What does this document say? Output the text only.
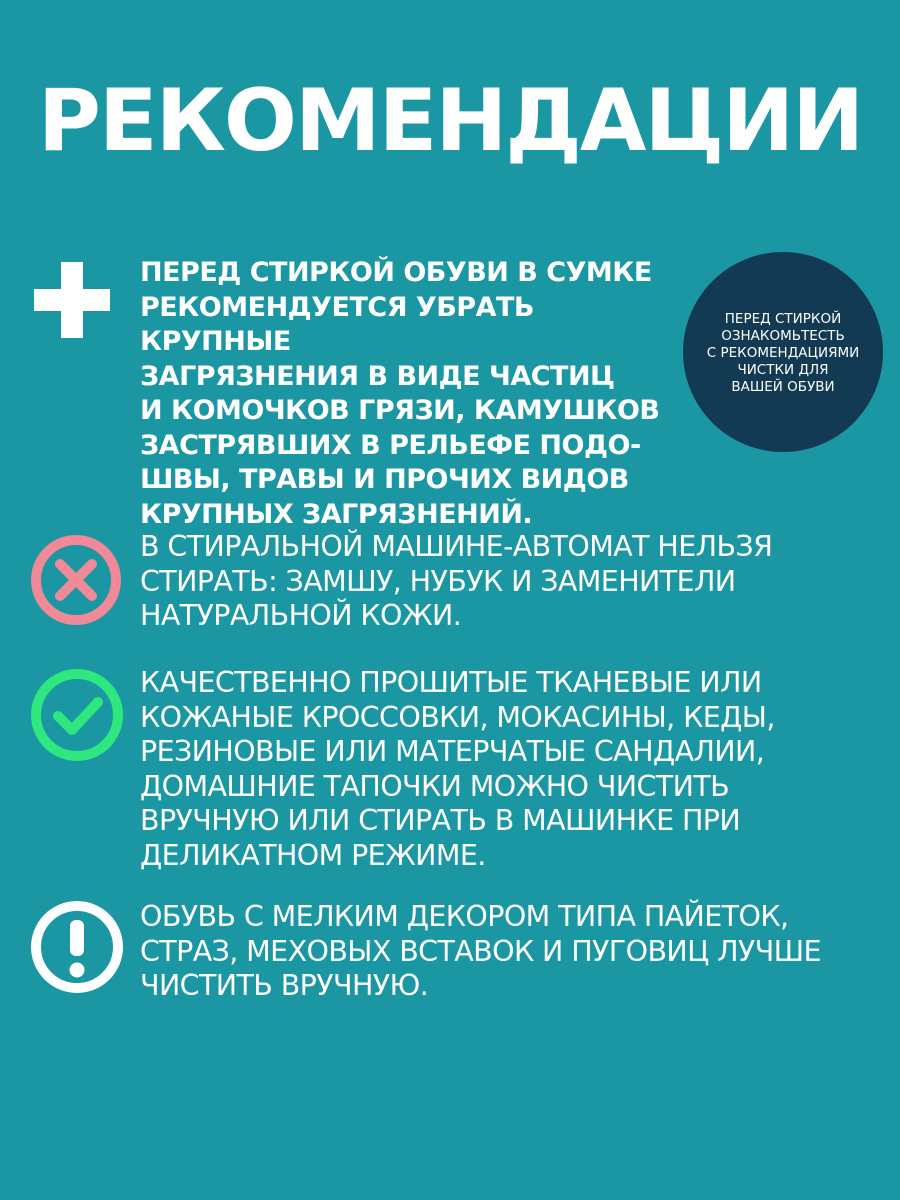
РЕКОМЕНДАЦИИ
ПЕРЕД СТИРКОЙ ОБУВИ В СУМКЕ
РЕКОМЕНДУЕТСЯ УБРАТЬ КРУПНЫЕ
ЗАГРЯЗНЕНИЯ В ВИДЕ ЧАСТИЦ
И КОМОЧКОВ ГРЯЗИ, КАМУШКОВ
ЗАСТРЯВШИХ В РЕЛЬЕФЕ ПОДО-
ШВЫ, ТРАВЫ И ПРОЧИХ ВИДОВ
КРУПНЫХ ЗАГРЯЗНЕНИЙ.
ПЕРЕД СТИРКОЙ
ОЗНАКОМЬТЕСТЬ
С РЕКОМЕНДАЦИЯМИ
ЧИСТКИ ДЛЯ
ВАШЕЙ ОБУВИ
В СТИРАЛЬНОЙ МАШИНЕ-АВТОМАТ НЕЛЬЗЯ
СТИРАТЬ: ЗАМШУ, НУБУК И ЗАМЕНИТЕЛИ
НАТУРАЛЬНОЙ КОЖИ.
КАЧЕСТВЕННО ПРОШИТЫЕ ТКАНЕВЫЕ ИЛИ
КОЖАНЫЕ КРОССОВКИ, МОКАСИНЫ, КЕДЫ,
РЕЗИНОВЫЕ ИЛИ МАТЕРЧАТЫЕ САНДАЛИИ,
ДОМАШНИЕ ТАПОЧКИ МОЖНО ЧИСТИТЬ
ВРУЧНУЮ ИЛИ СТИРАТЬ В МАШИНКЕ ПРИ
ДЕЛИКАТНОМ РЕЖИМЕ.
ОБУВЬ С МЕЛКИМ ДЕКОРОМ ТИПА ПАЙЕТОК,
СТРАЗ, МЕХОВЫХ ВСТАВОК И ПУГОВИЦ ЛУЧШЕ
ЧИСТИТЬ ВРУЧНУЮ.
